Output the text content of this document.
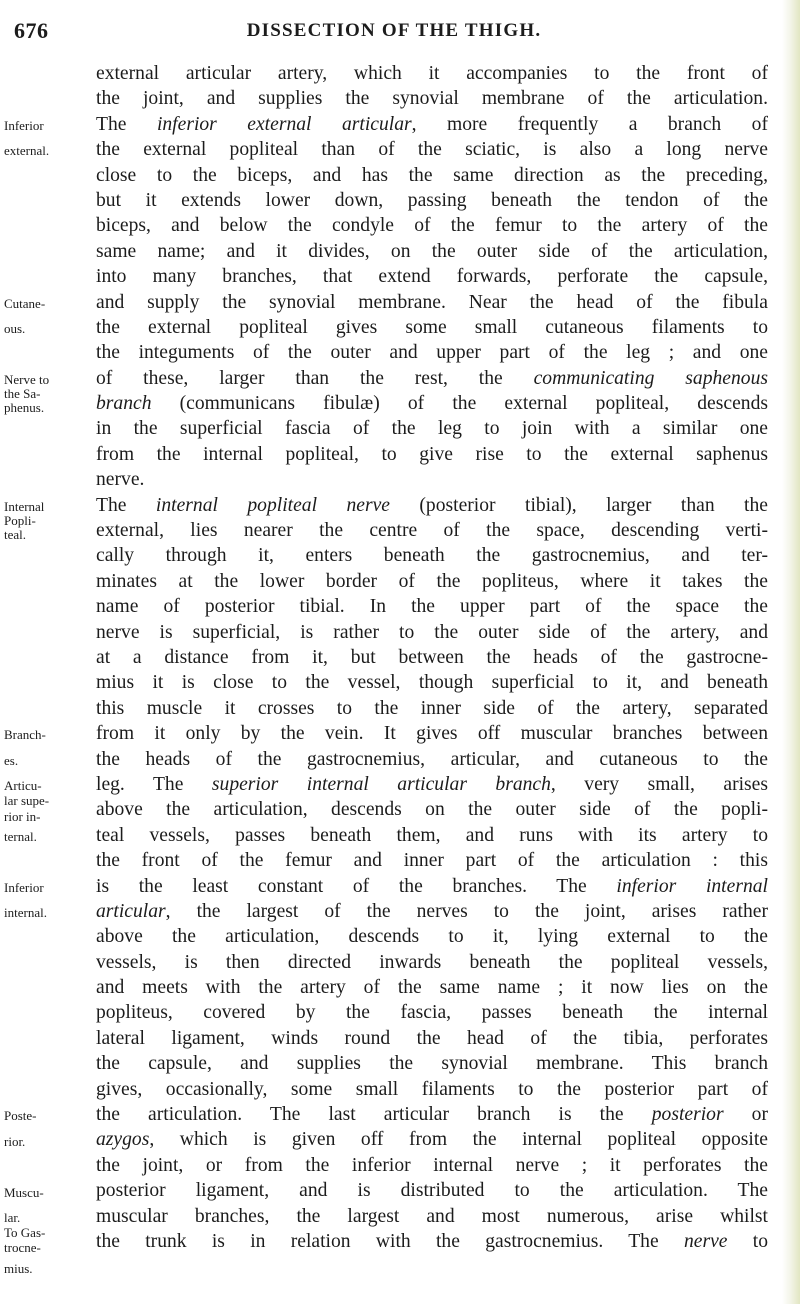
676	DISSECTION OF THE THIGH.
Inferior
external.
Cutane-
ous.
Nerve to
the Sa-
phenus.
Internal
Popli-
teal.
Branch-
es.
Articu-
lar supe-
rior in-
ternal.
Inferior
internal.
Poste-
rior.
Muscu-
lar.
To Gas-
trocne-
mius.
external articular artery, which it accompanies to the front of
the joint, and supplies the synovial membrane of the articulation.
The inferior external articular, more frequently a branch of
the external popliteal than of the sciatic, is also a long nerve
close to the biceps, and has the same direction as the preceding,
but it extends lower down, passing beneath the tendon of the
biceps, and below the condyle of the femur to the artery of the
same name; and it divides, on the outer side of the articulation,
into many branches, that extend forwards, perforate the capsule,
and supply the synovial membrane. Near the head of the fibula
the external popliteal gives some small cutaneous filaments to
the integuments of the outer and upper part of the leg ; and one
of these, larger than the rest, the communicating saphenous
branch (communicans fibulæ) of the external popliteal, descends
in the superficial fascia of the leg to join with a similar one
from the internal popliteal, to give rise to the external saphenus
nerve.
The internal popliteal nerve (posterior tibial), larger than the
external, lies nearer the centre of the space, descending verti-
cally through it, enters beneath the gastrocnemius, and ter-
minates at the lower border of the popliteus, where it takes the
name of posterior tibial. In the upper part of the space the
nerve is superficial, is rather to the outer side of the artery, and
at a distance from it, but between the heads of the gastrocne-
mius it is close to the vessel, though superficial to it, and beneath
this muscle it crosses to the inner side of the artery, separated
from it only by the vein. It gives off muscular branches between
the heads of the gastrocnemius, articular, and cutaneous to the
leg. The superior internal articular branch, very small, arises
above the articulation, descends on the outer side of the popli-
teal vessels, passes beneath them, and runs with its artery to
the front of the femur and inner part of the articulation : this
is the least constant of the branches. The inferior internal
articular, the largest of the nerves to the joint, arises rather
above the articulation, descends to it, lying external to the
vessels, is then directed inwards beneath the popliteal vessels,
and meets with the artery of the same name ; it now lies on the
popliteus, covered by the fascia, passes beneath the internal
lateral ligament, winds round the head of the tibia, perforates
the capsule, and supplies the synovial membrane. This branch
gives, occasionally, some small filaments to the posterior part of
the articulation. The last articular branch is the posterior or
azygos, which is given off from the internal popliteal opposite
the joint, or from the inferior internal nerve ; it perforates the
posterior ligament, and is distributed to the articulation. The
muscular branches, the largest and most numerous, arise whilst
the trunk is in relation with the gastrocnemius. The nerve to
